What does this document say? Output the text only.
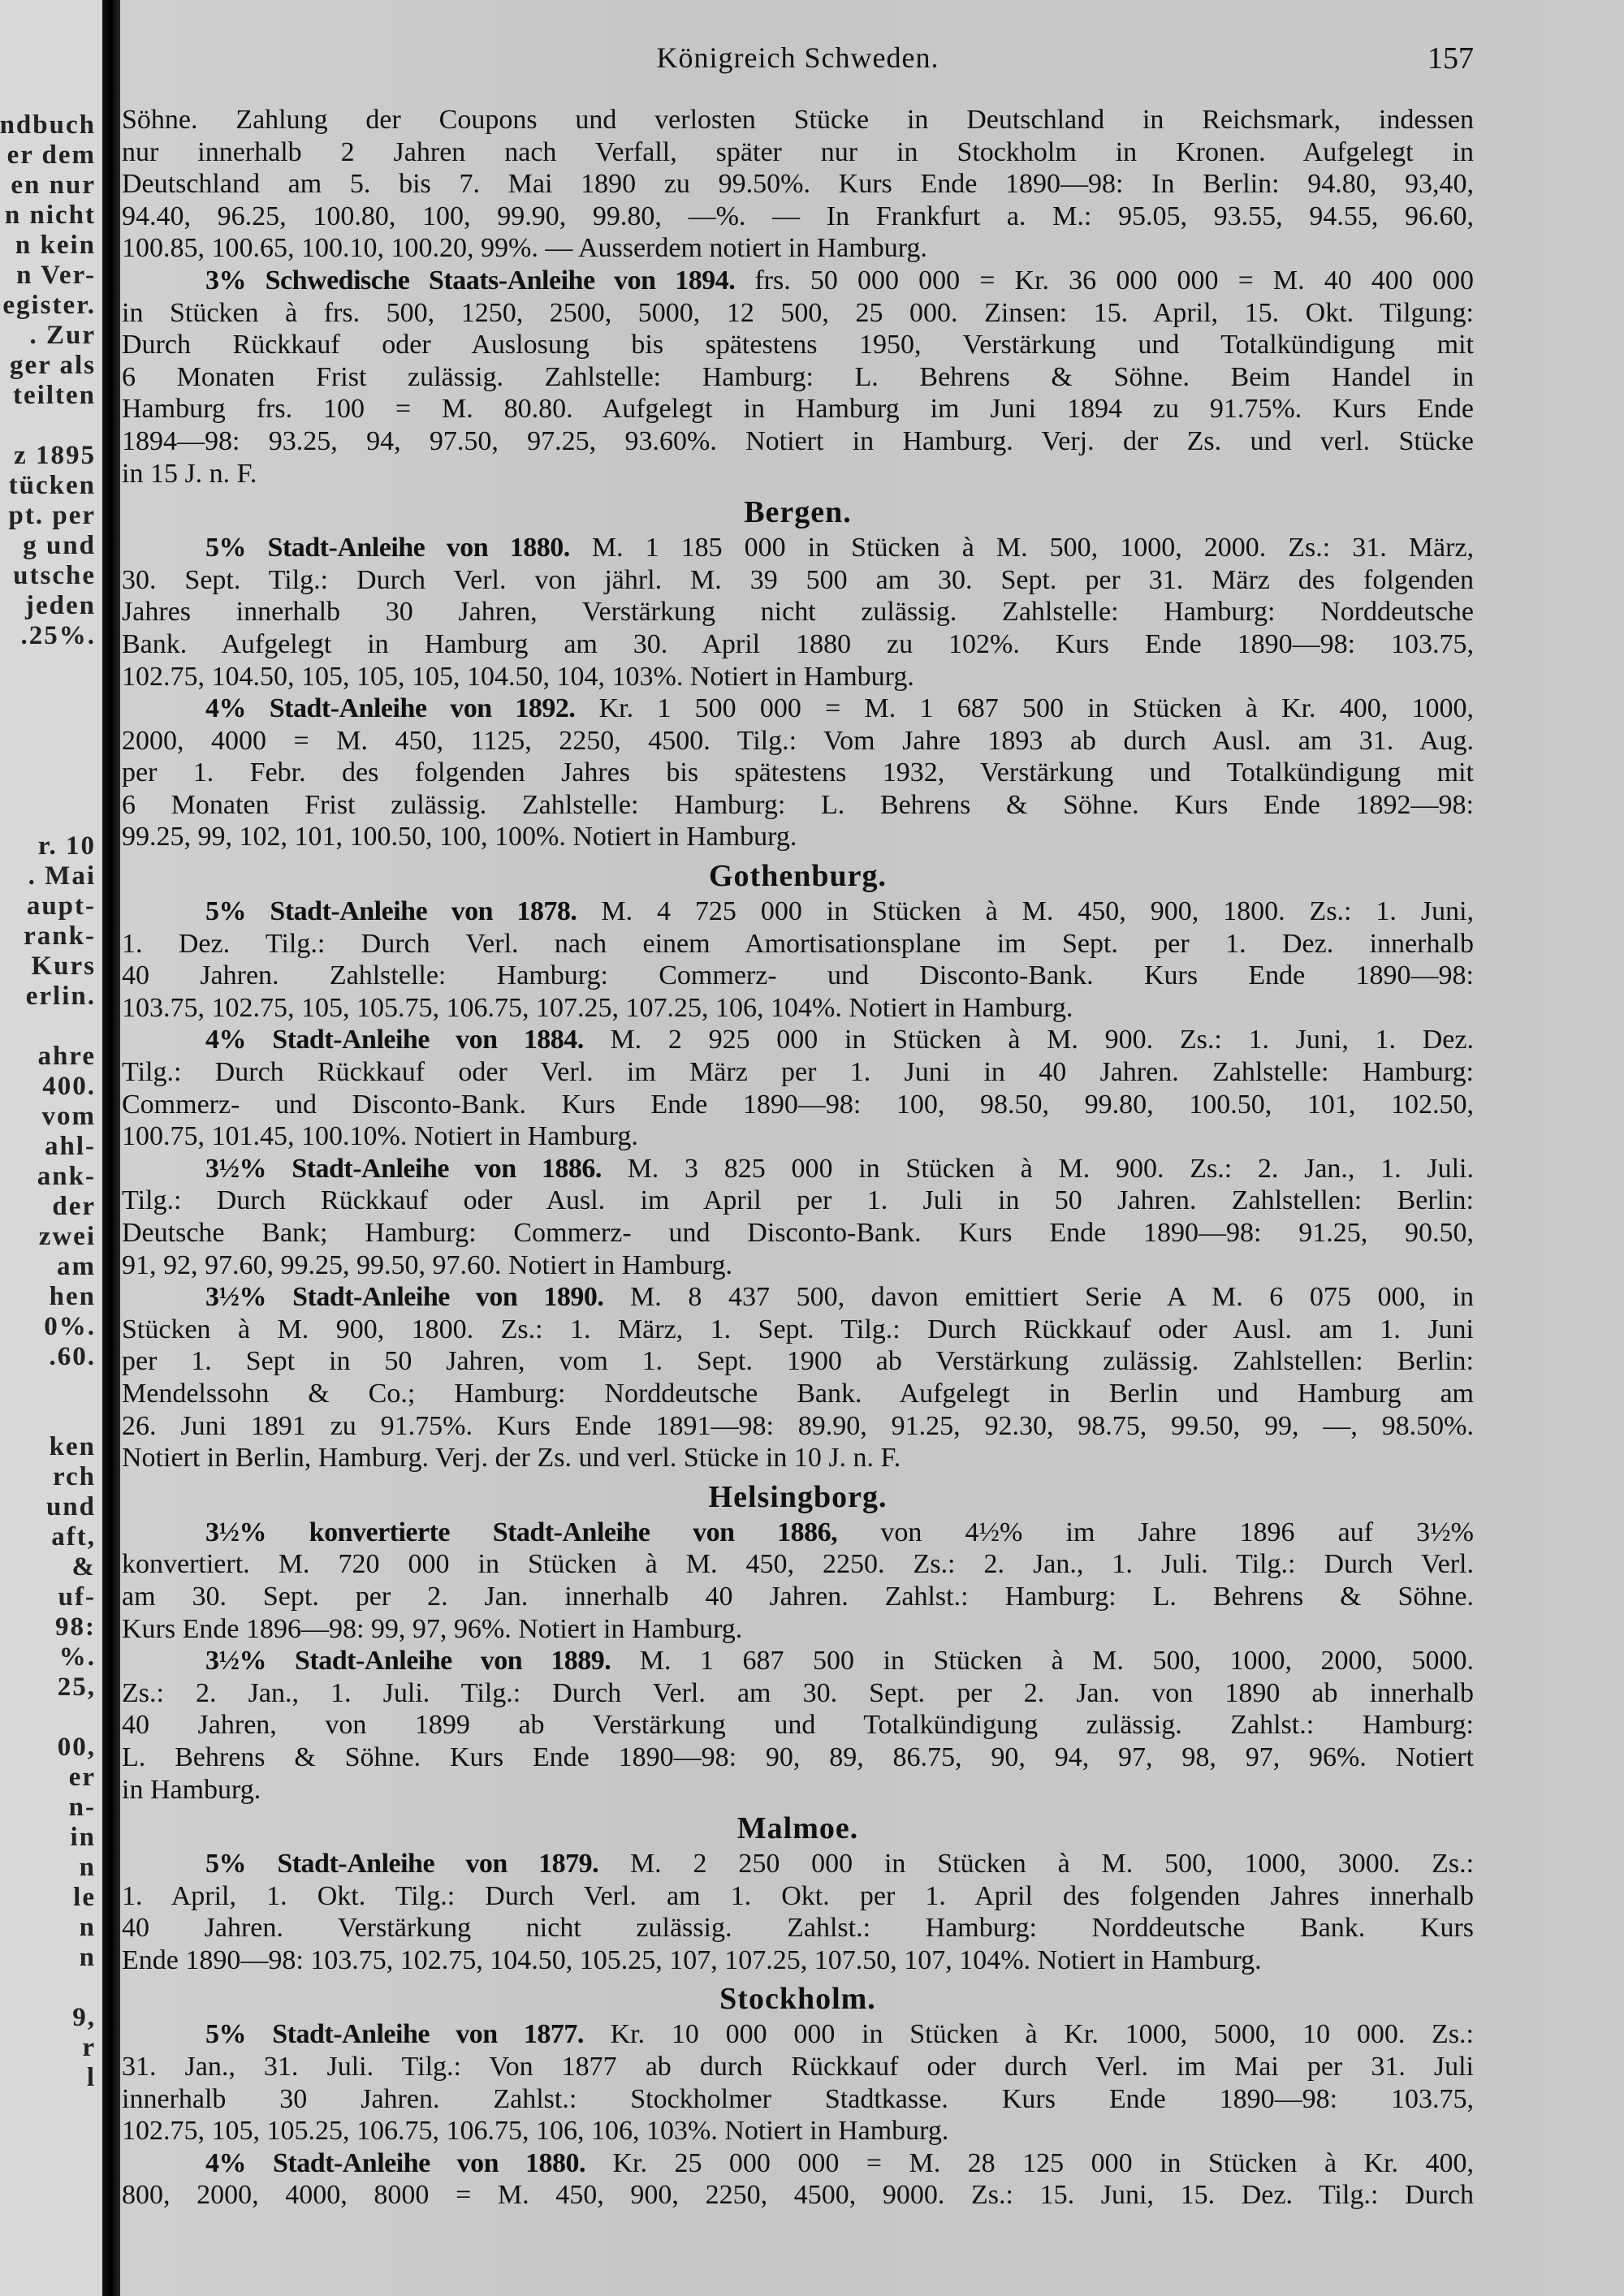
ndbuch
er dem
en nur
n nicht
n kein
n Ver-
egister.
. Zur
ger als
teilten
z 1895
tücken
pt. per
g und
utsche
jeden
.25%.
r. 10
. Mai
aupt-
rank-
Kurs
erlin.
ahre
400.
vom
ahl-
ank-
der
zwei
am
hen
0%.
.60.
ken
rch
und
aft,
&
uf-
98:
%.
25,
00,
er
n-
in
n
le
n
n
9,
r
l
Königreich Schweden.	157
Söhne. Zahlung der Coupons und verlosten Stücke in Deutschland in Reichsmark, indessen
nur innerhalb 2 Jahren nach Verfall, später nur in Stockholm in Kronen. Aufgelegt in
Deutschland am 5. bis 7. Mai 1890 zu 99.50%. Kurs Ende 1890—98: In Berlin: 94.80, 93,40,
94.40, 96.25, 100.80, 100, 99.90, 99.80, —%. — In Frankfurt a. M.: 95.05, 93.55, 94.55, 96.60,
100.85, 100.65, 100.10, 100.20, 99%. — Ausserdem notiert in Hamburg.
3% Schwedische Staats-Anleihe von 1894. frs. 50 000 000 = Kr. 36 000 000 = M. 40 400 000
in Stücken à frs. 500, 1250, 2500, 5000, 12 500, 25 000. Zinsen: 15. April, 15. Okt. Tilgung:
Durch Rückkauf oder Auslosung bis spätestens 1950, Verstärkung und Totalkündigung mit
6 Monaten Frist zulässig. Zahlstelle: Hamburg: L. Behrens & Söhne. Beim Handel in
Hamburg frs. 100 = M. 80.80. Aufgelegt in Hamburg im Juni 1894 zu 91.75%. Kurs Ende
1894—98: 93.25, 94, 97.50, 97.25, 93.60%. Notiert in Hamburg. Verj. der Zs. und verl. Stücke
in 15 J. n. F.
Bergen.
5% Stadt-Anleihe von 1880. M. 1 185 000 in Stücken à M. 500, 1000, 2000. Zs.: 31. März,
30. Sept. Tilg.: Durch Verl. von jährl. M. 39 500 am 30. Sept. per 31. März des folgenden
Jahres innerhalb 30 Jahren, Verstärkung nicht zulässig. Zahlstelle: Hamburg: Norddeutsche
Bank. Aufgelegt in Hamburg am 30. April 1880 zu 102%. Kurs Ende 1890—98: 103.75,
102.75, 104.50, 105, 105, 105, 104.50, 104, 103%. Notiert in Hamburg.
4% Stadt-Anleihe von 1892. Kr. 1 500 000 = M. 1 687 500 in Stücken à Kr. 400, 1000,
2000, 4000 = M. 450, 1125, 2250, 4500. Tilg.: Vom Jahre 1893 ab durch Ausl. am 31. Aug.
per 1. Febr. des folgenden Jahres bis spätestens 1932, Verstärkung und Totalkündigung mit
6 Monaten Frist zulässig. Zahlstelle: Hamburg: L. Behrens & Söhne. Kurs Ende 1892—98:
99.25, 99, 102, 101, 100.50, 100, 100%. Notiert in Hamburg.
Gothenburg.
5% Stadt-Anleihe von 1878. M. 4 725 000 in Stücken à M. 450, 900, 1800. Zs.: 1. Juni,
1. Dez. Tilg.: Durch Verl. nach einem Amortisationsplane im Sept. per 1. Dez. innerhalb
40 Jahren. Zahlstelle: Hamburg: Commerz- und Disconto-Bank. Kurs Ende 1890—98:
103.75, 102.75, 105, 105.75, 106.75, 107.25, 107.25, 106, 104%. Notiert in Hamburg.
4% Stadt-Anleihe von 1884. M. 2 925 000 in Stücken à M. 900. Zs.: 1. Juni, 1. Dez.
Tilg.: Durch Rückkauf oder Verl. im März per 1. Juni in 40 Jahren. Zahlstelle: Hamburg:
Commerz- und Disconto-Bank. Kurs Ende 1890—98: 100, 98.50, 99.80, 100.50, 101, 102.50,
100.75, 101.45, 100.10%. Notiert in Hamburg.
3½% Stadt-Anleihe von 1886. M. 3 825 000 in Stücken à M. 900. Zs.: 2. Jan., 1. Juli.
Tilg.: Durch Rückkauf oder Ausl. im April per 1. Juli in 50 Jahren. Zahlstellen: Berlin:
Deutsche Bank; Hamburg: Commerz- und Disconto-Bank. Kurs Ende 1890—98: 91.25, 90.50,
91, 92, 97.60, 99.25, 99.50, 97.60. Notiert in Hamburg.
3½% Stadt-Anleihe von 1890. M. 8 437 500, davon emittiert Serie A M. 6 075 000, in
Stücken à M. 900, 1800. Zs.: 1. März, 1. Sept. Tilg.: Durch Rückkauf oder Ausl. am 1. Juni
per 1. Sept in 50 Jahren, vom 1. Sept. 1900 ab Verstärkung zulässig. Zahlstellen: Berlin:
Mendelssohn & Co.; Hamburg: Norddeutsche Bank. Aufgelegt in Berlin und Hamburg am
26. Juni 1891 zu 91.75%. Kurs Ende 1891—98: 89.90, 91.25, 92.30, 98.75, 99.50, 99, —, 98.50%.
Notiert in Berlin, Hamburg. Verj. der Zs. und verl. Stücke in 10 J. n. F.
Helsingborg.
3½% konvertierte Stadt-Anleihe von 1886, von 4½% im Jahre 1896 auf 3½%
konvertiert. M. 720 000 in Stücken à M. 450, 2250. Zs.: 2. Jan., 1. Juli. Tilg.: Durch Verl.
am 30. Sept. per 2. Jan. innerhalb 40 Jahren. Zahlst.: Hamburg: L. Behrens & Söhne.
Kurs Ende 1896—98: 99, 97, 96%. Notiert in Hamburg.
3½% Stadt-Anleihe von 1889. M. 1 687 500 in Stücken à M. 500, 1000, 2000, 5000.
Zs.: 2. Jan., 1. Juli. Tilg.: Durch Verl. am 30. Sept. per 2. Jan. von 1890 ab innerhalb
40 Jahren, von 1899 ab Verstärkung und Totalkündigung zulässig. Zahlst.: Hamburg:
L. Behrens & Söhne. Kurs Ende 1890—98: 90, 89, 86.75, 90, 94, 97, 98, 97, 96%. Notiert
in Hamburg.
Malmoe.
5% Stadt-Anleihe von 1879. M. 2 250 000 in Stücken à M. 500, 1000, 3000. Zs.:
1. April, 1. Okt. Tilg.: Durch Verl. am 1. Okt. per 1. April des folgenden Jahres innerhalb
40 Jahren. Verstärkung nicht zulässig. Zahlst.: Hamburg: Norddeutsche Bank. Kurs
Ende 1890—98: 103.75, 102.75, 104.50, 105.25, 107, 107.25, 107.50, 107, 104%. Notiert in Hamburg.
Stockholm.
5% Stadt-Anleihe von 1877. Kr. 10 000 000 in Stücken à Kr. 1000, 5000, 10 000. Zs.:
31. Jan., 31. Juli. Tilg.: Von 1877 ab durch Rückkauf oder durch Verl. im Mai per 31. Juli
innerhalb 30 Jahren. Zahlst.: Stockholmer Stadtkasse. Kurs Ende 1890—98: 103.75,
102.75, 105, 105.25, 106.75, 106.75, 106, 106, 103%. Notiert in Hamburg.
4% Stadt-Anleihe von 1880. Kr. 25 000 000 = M. 28 125 000 in Stücken à Kr. 400,
800, 2000, 4000, 8000 = M. 450, 900, 2250, 4500, 9000. Zs.: 15. Juni, 15. Dez. Tilg.: Durch
